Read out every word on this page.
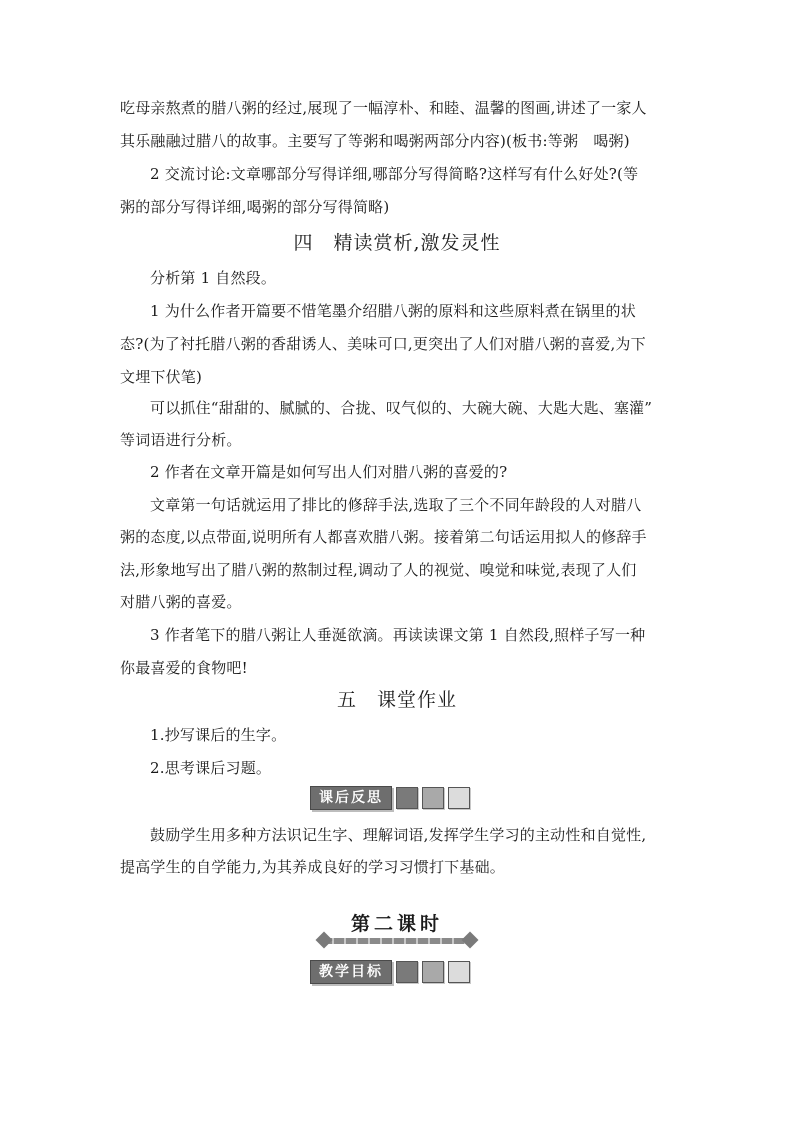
吃母亲熬煮的腊八粥的经过,展现了一幅淳朴、和睦、温馨的图画,讲述了一家人
其乐融融过腊八的故事。主要写了等粥和喝粥两部分内容)(板书:等粥　喝粥)
2 交流讨论:文章哪部分写得详细,哪部分写得简略?这样写有什么好处?(等
粥的部分写得详细,喝粥的部分写得简略)
四　精读赏析,激发灵性
分析第 1 自然段。
1 为什么作者开篇要不惜笔墨介绍腊八粥的原料和这些原料煮在锅里的状
态?(为了衬托腊八粥的香甜诱人、美味可口,更突出了人们对腊八粥的喜爱,为下
文埋下伏笔)
可以抓住“甜甜的、腻腻的、合拢、叹气似的、大碗大碗、大匙大匙、塞灌”
等词语进行分析。
2 作者在文章开篇是如何写出人们对腊八粥的喜爱的?
文章第一句话就运用了排比的修辞手法,选取了三个不同年龄段的人对腊八
粥的态度,以点带面,说明所有人都喜欢腊八粥。接着第二句话运用拟人的修辞手
法,形象地写出了腊八粥的熬制过程,调动了人的视觉、嗅觉和味觉,表现了人们
对腊八粥的喜爱。
3 作者笔下的腊八粥让人垂涎欲滴。再读读课文第 1 自然段,照样子写一种
你最喜爱的食物吧!
五　课堂作业
1.抄写课后的生字。
2.思考课后习题。
课后反思
鼓励学生用多种方法识记生字、理解词语,发挥学生学习的主动性和自觉性,
提高学生的自学能力,为其养成良好的学习习惯打下基础。
第二课时
教学目标
